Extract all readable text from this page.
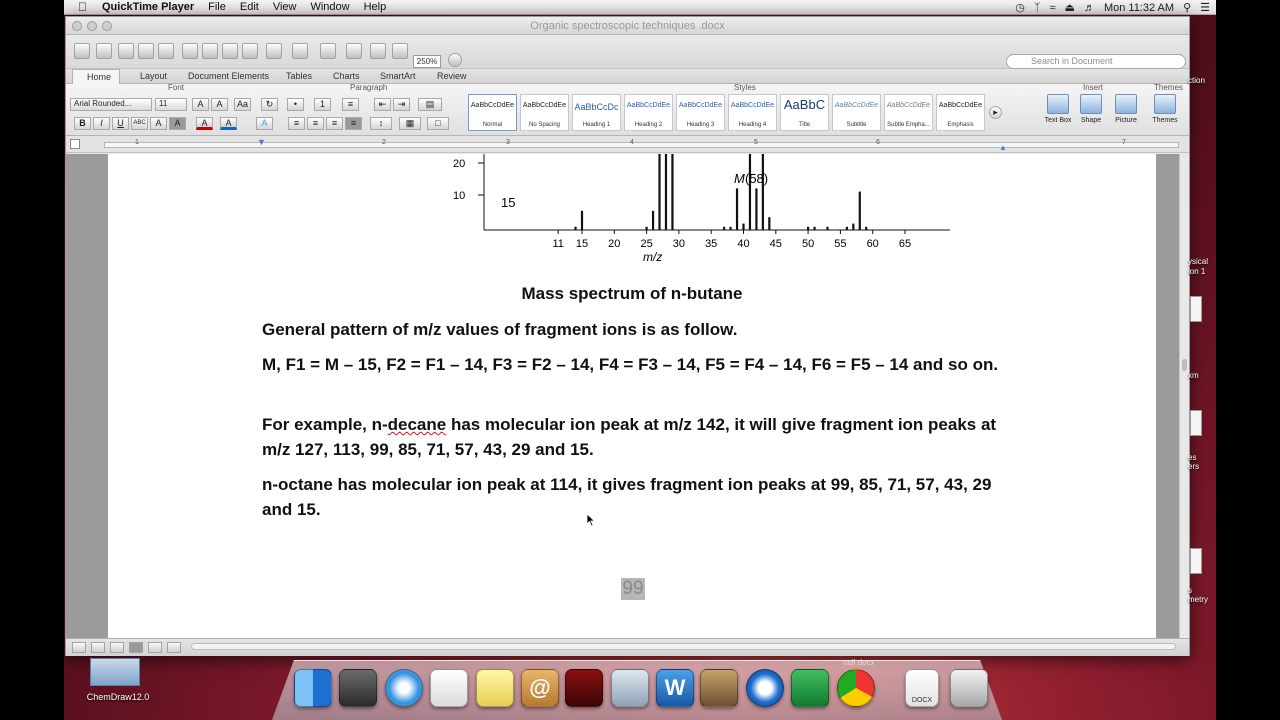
QuickTime Player	File	Edit	View	Window	Help	◷ ᛉ ≈ ⏏ ♬ Mon 11:32 AM ⚲ ☰
Organic spectroscopic techniques .docx
250%	Search in Document
Home	Layout Document Elements Tables Charts SmartArt Review
Font	Paragraph	Styles	Insert	Themes
Arial Rounded...	11	A	A	Aa	↻
B	I	U	ABC	A	A	A	A	A
•	1	≡	⇤	⇥	▤
≡	≡	≡	≡	↕	▦	□
AaBbCcDdEe
Normal
AaBbCcDdEe
No Spacing
AaBbCcDc
Heading 1
AaBbCcDdEe
Heading 2
AaBbCcDdEe
Heading 3
AaBbCcDdEe
Heading 4
AaBbC
Title
AaBbCcDdEe
Subtitle
AaBbCcDdEe
Subtle Empha...
AaBbCcDdEe
Emphasis
▸
Text Box	Shape	Picture	Themes
▼
▲
1	2	3	4	5	6	7
20
10
11 15 20 25 30 35 40 45 50 55 60 65
15
M (58)
m/z
Mass spectrum of n-butane
General pattern of m/z values of fragment ions is as follow.
M, F1 = M – 15, F2 = F1 – 14, F3 = F2 – 14, F4 = F3 – 14, F5 = F4 – 14, F6 = F5 – 14 and so on.
For example, n-decane has molecular ion peak at m/z 142, it will give fragment ion peaks at m/z 127, 113, 99, 85, 71, 57, 43, 29 and 15.
n-octane has molecular ion peak at 114, it gives fragment ion peaks at 99, 85, 71, 57, 43, 29 and 15.
99
ChemDraw12.0
ction
ysical
ion 1
xm
es
ers
s
metry
null.docx
@	W
DOCX
